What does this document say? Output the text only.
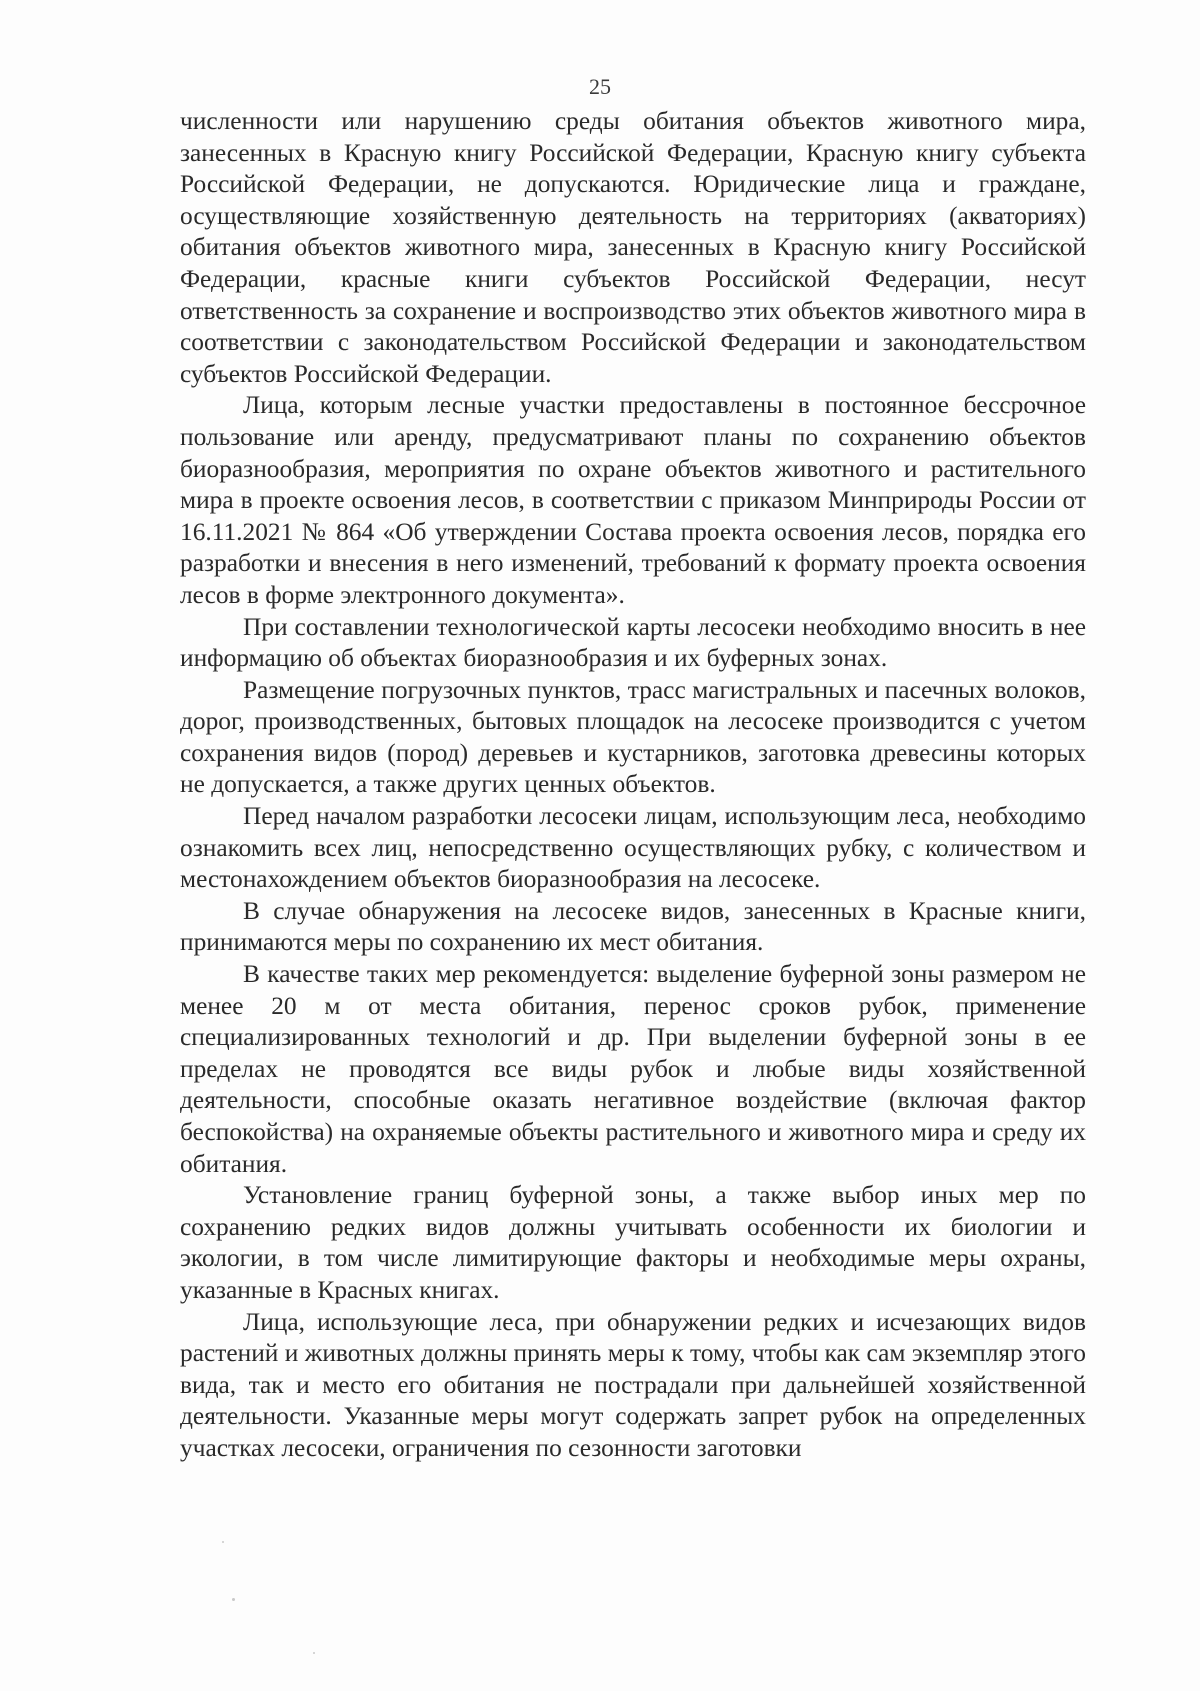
25

численности или нарушению среды обитания объектов животного мира, занесенных в Красную книгу Российской Федерации, Красную книгу субъекта Российской Федерации, не допускаются. Юридические лица и граждане, осуществляющие хозяйственную деятельность на территориях (акваториях) обитания объектов животного мира, занесенных в Красную книгу Российской Федерации, красные книги субъектов Российской Федерации, несут ответственность за сохранение и воспроизводство этих объектов животного мира в соответствии с законодательством Российской Федерации и законодательством субъектов Российской Федерации.

Лица, которым лесные участки предоставлены в постоянное бессрочное пользование или аренду, предусматривают планы по сохранению объектов биоразнообразия, мероприятия по охране объектов животного и растительного мира в проекте освоения лесов, в соответствии с приказом Минприроды России от 16.11.2021 № 864 «Об утверждении Состава проекта освоения лесов, порядка его разработки и внесения в него изменений, требований к формату проекта освоения лесов в форме электронного документа».

При составлении технологической карты лесосеки необходимо вносить в нее информацию об объектах биоразнообразия и их буферных зонах.

Размещение погрузочных пунктов, трасс магистральных и пасечных волоков, дорог, производственных, бытовых площадок на лесосеке производится с учетом сохранения видов (пород) деревьев и кустарников, заготовка древесины которых не допускается, а также других ценных объектов.

Перед началом разработки лесосеки лицам, использующим леса, необходимо ознакомить всех лиц, непосредственно осуществляющих рубку, с количеством и местонахождением объектов биоразнообразия на лесосеке.

В случае обнаружения на лесосеке видов, занесенных в Красные книги, принимаются меры по сохранению их мест обитания.

В качестве таких мер рекомендуется: выделение буферной зоны размером не менее 20 м от места обитания, перенос сроков рубок, применение специализированных технологий и др. При выделении буферной зоны в ее пределах не проводятся все виды рубок и любые виды хозяйственной деятельности, способные оказать негативное воздействие (включая фактор беспокойства) на охраняемые объекты растительного и животного мира и среду их обитания.

Установление границ буферной зоны, а также выбор иных мер по сохранению редких видов должны учитывать особенности их биологии и экологии, в том числе лимитирующие факторы и необходимые меры охраны, указанные в Красных книгах.

Лица, использующие леса, при обнаружении редких и исчезающих видов растений и животных должны принять меры к тому, чтобы как сам экземпляр этого вида, так и место его обитания не пострадали при дальнейшей хозяйственной деятельности. Указанные меры могут содержать запрет рубок на определенных участках лесосеки, ограничения по сезонности заготовки
